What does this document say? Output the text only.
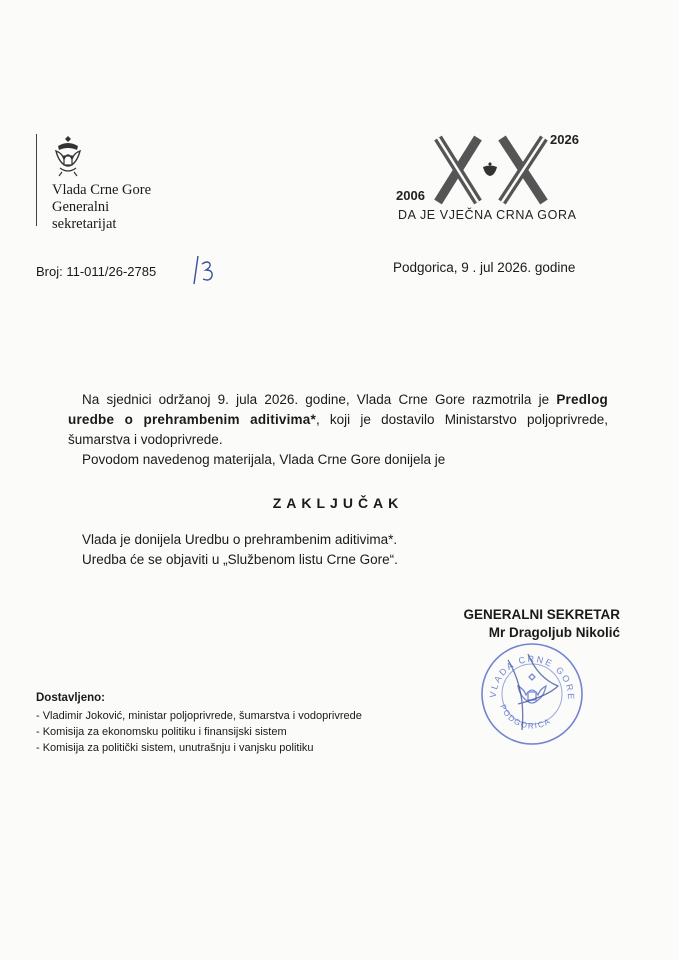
Vlada Crne Gore
Generalni
sekretarijat
2026
2006
DA JE VJEČNA CRNA GORA
Broj: 11-011/26-2785	Podgorica, 9 . jul 2026. godine

Na sjednici održanoj 9. jula 2026. godine, Vlada Crne Gore razmotrila je Predlog uredbe o prehrambenim aditivima*, koji je dostavilo Ministarstvo poljoprivrede, šumarstva i vodoprivrede.

Povodom navedenog materijala, Vlada Crne Gore donijela je

ZAKLJUČAK
Vlada je donijela Uredbu o prehrambenim aditivima*.
Uredba će se objaviti u „Službenom listu Crne Gore“.
GENERALNI SEKRETAR
Mr Dragoljub Nikolić
VLADA CRNE GORE
PODGORICA
Dostavljeno:
- Vladimir Joković, ministar poljoprivrede, šumarstva i vodoprivrede
- Komisija za ekonomsku politiku i finansijski sistem
- Komisija za politički sistem, unutrašnju i vanjsku politiku
